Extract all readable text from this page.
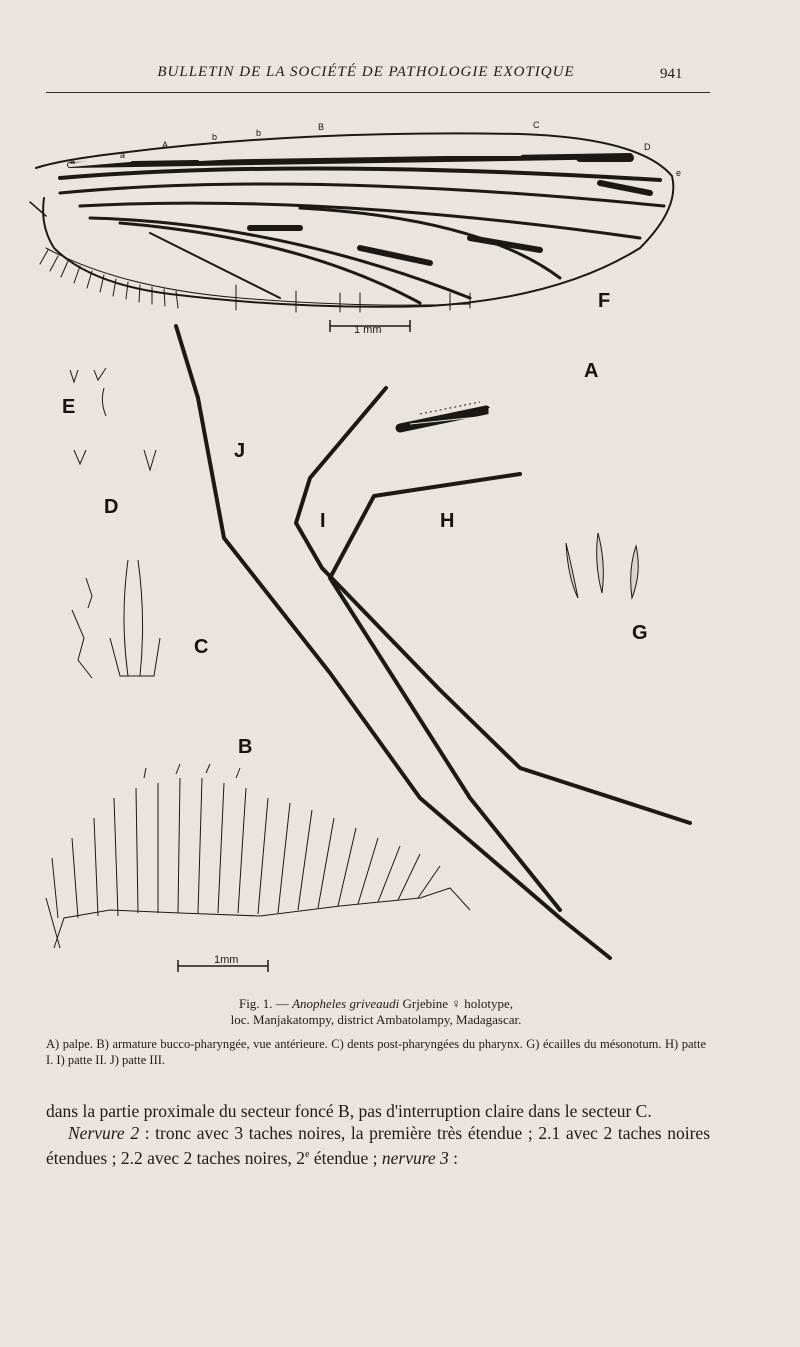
BULLETIN DE LA SOCIÉTÉ DE PATHOLOGIE EXOTIQUE	941
a
a'
A
b	b
B	C
D
e
1 mm
1mm
A
B
C
D
E
F
G
H
I
J
Fig. 1. — Anopheles griveaudi Grjebine ♀ holotype,
loc. Manjakatompy, district Ambatolampy, Madagascar.
A) palpe. B) armature bucco-pharyngée, vue antérieure. C) dents post-pharyngées du pharynx. G) écailles du mésonotum. H) patte I. I) patte II. J) patte III.

dans la partie proximale du secteur foncé B, pas d'interruption claire dans le secteur C.

Nervure 2 : tronc avec 3 taches noires, la première très étendue ; 2.1 avec 2 taches noires étendues ; 2.2 avec 2 taches noires, 2e étendue ; nervure 3 :
